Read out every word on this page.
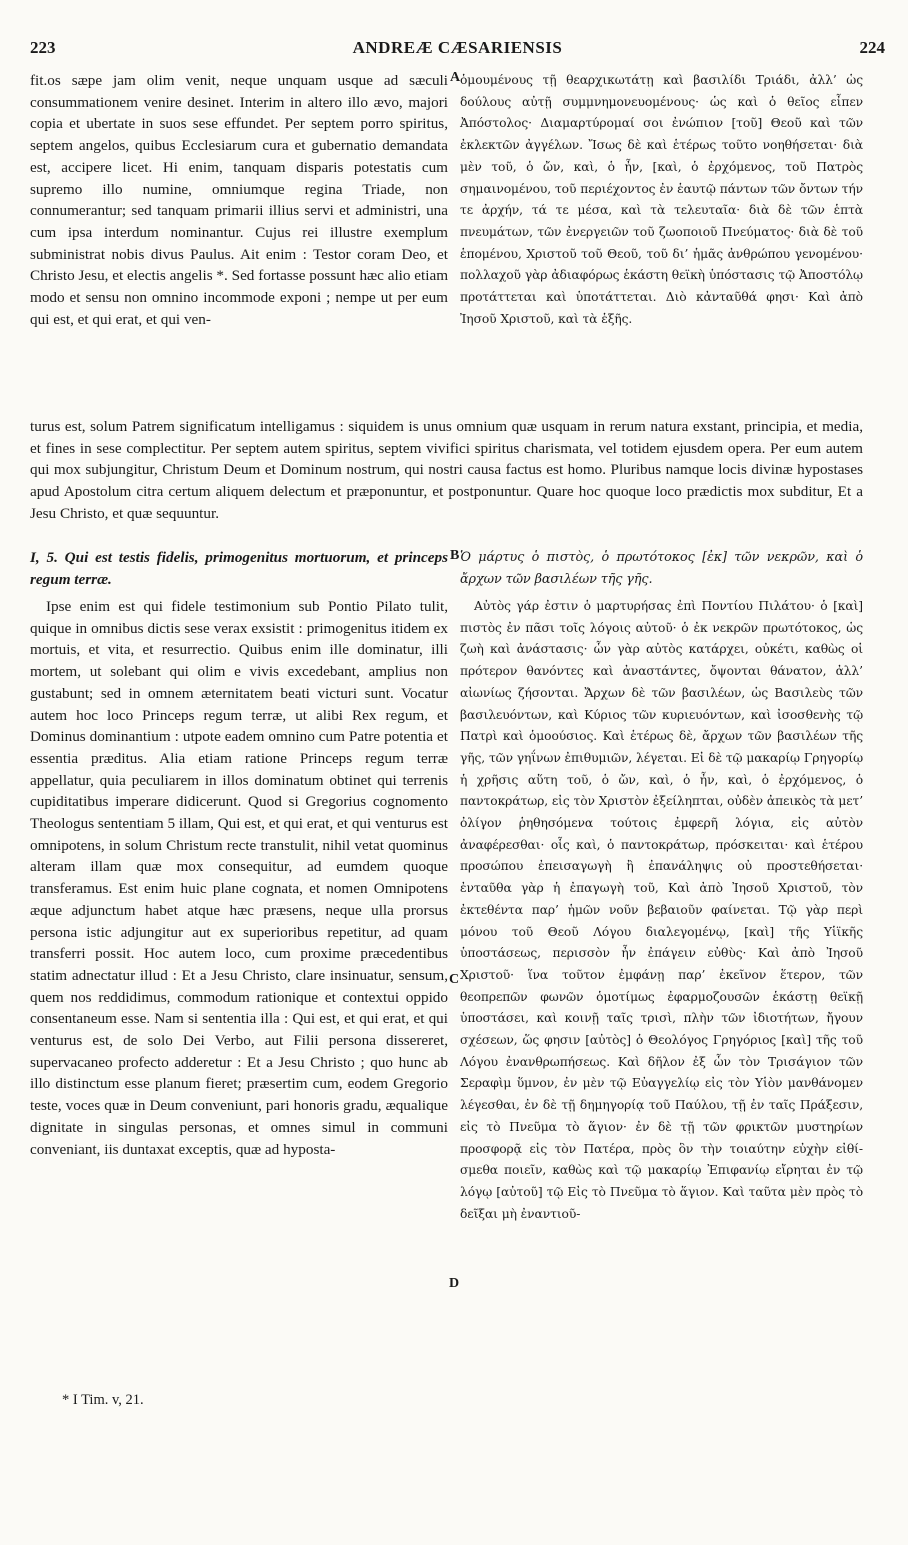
223	ANDREÆ CÆSARIENSIS	224

fit.os sæpe jam olim venit, neque unquam usque ad sæculi consummationem venire desinet. Interim in altero illo ævo, majori copia et ubertate in suos sese effundet. Per septem porro spiritus, septem angelos, quibus Ecclesiarum cura et gubernatio demandata est, accipere licet. Hi enim, tanquam disparis potestatis cum supremo illo numine, omniumque regina Triade, non connumerantur; sed tanquam primarii illius servi et administri, una cum ipsa interdum nominantur. Cujus rei illustre exemplum subministrat nobis divus Paulus. Ait enim : Testor coram Deo, et Christo Jesu, et electis angelis *. Sed fortasse possunt hæc alio etiam modo et sensu non omnino incommode exponi ; nempe ut per eum qui est, et qui erat, et qui ven-

ὁμουμένους τῇ θεαρχικωτάτῃ καὶ βασιλίδι Τριάδι, ἀλλ’ ὡς δούλους αὐτῇ συμμνημονευομένους· ὡς καὶ ὁ θεῖος εἶπεν Ἀπόστολος· Διαμαρτύρομαί σοι ἐνώπιον [τοῦ] Θεοῦ καὶ τῶν ἐκλεκτῶν ἀγγέλων. Ἴσως δὲ καὶ ἑτέρως τοῦτο νοηθήσεται· διὰ μὲν τοῦ, ὁ ὤν, καὶ, ὁ ἦν, [καὶ, ὁ ἐρχόμενος, τοῦ Πατρὸς σημαινομένου, τοῦ περιέχοντος ἐν ἑαυτῷ πάντων τῶν ὄντων τήν τε ἀρχήν, τά τε μέσα, καὶ τὰ τελευταῖα· διὰ δὲ τῶν ἑπτὰ πνευμάτων, τῶν ἐνεργειῶν τοῦ ζωοποιοῦ Πνεύματος· διὰ δὲ τοῦ ἑπομένου, Χριστοῦ τοῦ Θεοῦ, τοῦ δι’ ἡμᾶς ἀνθρώπου γενομένου· πολλαχοῦ γὰρ ἀδιαφόρως ἑκάστη θεϊκὴ ὑπόστασις τῷ Ἀποστόλῳ προτάττεται καὶ ὑποτάττεται. Διὸ κἀνταῦθά φησι· Καὶ ἀπὸ Ἰησοῦ Χριστοῦ, καὶ τὰ ἑξῆς.

turus est, solum Patrem significatum intelligamus : siquidem is unus omnium quæ usquam in rerum natura exstant, principia, et media, et fines in sese complectitur. Per septem autem spiritus, septem vivifici spiritus charismata, vel totidem ejusdem opera. Per eum autem qui mox subjungitur, Christum Deum et Dominum nostrum, qui nostri causa factus est homo. Pluribus namque locis divinæ hypostases apud Apostolum citra certum aliquem delectum et præponuntur, et postponuntur. Quare hoc quoque loco prædictis mox subditur, Et a Jesu Christo, et quæ sequuntur.

I, 5. Qui est testis fidelis, primogenitus mortuorum, et princeps regum terræ.

Ὁ μάρτυς ὁ πιστὸς, ὁ πρωτότοκος [ἐκ] τῶν νεκρῶν, καὶ ὁ ἄρχων τῶν βασιλέων τῆς γῆς.

Ipse enim est qui fidele testimonium sub Pontio Pilato tulit, quique in omnibus dictis sese verax exsistit : primogenitus itidem ex mortuis, et vita, et resurrectio. Quibus enim ille dominatur, illi mortem, ut solebant qui olim e vivis excedebant, amplius non gustabunt; sed in omnem æternitatem beati victuri sunt. Vocatur autem hoc loco Princeps regum terræ, ut alibi Rex regum, et Dominus dominantium : utpote eadem omnino cum Patre potentia et essentia præditus. Alia etiam ratione Princeps regum terræ appellatur, quia peculiarem in illos dominatum obtinet qui terrenis cupiditatibus imperare didicerunt. Quod si Gregorius cognomento Theologus sententiam 5 illam, Qui est, et qui erat, et qui venturus est omnipotens, in solum Christum recte transtulit, nihil vetat quominus alteram illam quæ mox consequitur, ad eumdem quoque transferamus. Est enim huic plane cognata, et nomen Omnipotens æque adjunctum habet atque hæc præsens, neque ulla prorsus persona istic adjungitur aut ex superioribus repetitur, ad quam transferri possit. Hoc autem loco, cum proxime præcedentibus statim adnectatur illud : Et a Jesu Christo, clare insinuatur, sensum, quem nos reddidimus, commodum rationique et contextui oppido consentaneum esse. Nam si sententia illa : Qui est, et qui erat, et qui venturus est, de solo Dei Verbo, aut Filii persona dissereret, supervacaneo profecto adderetur : Et a Jesu Christo ; quo hunc ab illo distinctum esse planum fieret; præsertim cum, eodem Gregorio teste, voces quæ in Deum conveniunt, pari honoris gradu, æqualique dignitate in singulas personas, et omnes simul in communi conveniant, iis duntaxat exceptis, quæ ad hyposta-

Αὐτὸς γάρ ἐστιν ὁ μαρτυρήσας ἐπὶ Ποντίου Πιλάτου· ὁ [καὶ] πιστὸς ἐν πᾶσι τοῖς λόγοις αὐτοῦ· ὁ ἐκ νεκρῶν πρωτότοκος, ὡς ζωὴ καὶ ἀνάστασις· ὧν γὰρ αὐτὸς κατάρχει, οὐκέτι, καθὼς οἱ πρότερον θανόντες καὶ ἀναστάντες, ὄψονται θάνατον, ἀλλ’ αἰωνίως ζήσονται. Ἄρχων δὲ τῶν βασιλέων, ὡς Βασιλεὺς τῶν βασιλευόντων, καὶ Κύριος τῶν κυριευόντων, καὶ ἰσοσθενὴς τῷ Πατρὶ καὶ ὁμοούσιος. Καὶ ἑτέρως δὲ, ἄρχων τῶν βασιλέων τῆς γῆς, τῶν γηΐνων ἐπιθυμιῶν, λέγεται. Εἰ δὲ τῷ μακαρίῳ Γρηγορίῳ ἡ χρῆσις αὕτη τοῦ, ὁ ὤν, καὶ, ὁ ἦν, καὶ, ὁ ἐρχόμενος, ὁ παντοκράτωρ, εἰς τὸν Χριστὸν ἐξείληπται, οὐδὲν ἀπεικὸς τὰ μετ’ ὀλίγον ῥηθησόμενα τούτοις ἐμφερῆ λόγια, εἰς αὐτὸν ἀναφέρεσθαι· οἷς καὶ, ὁ παντοκράτωρ, πρόσκειται· καὶ ἑτέρου προσώπου ἐπεισαγωγὴ ἢ ἐπανάληψις οὐ προστεθήσεται· ἐνταῦθα γὰρ ἡ ἐπαγωγὴ τοῦ, Καὶ ἀπὸ Ἰησοῦ Χριστοῦ, τὸν ἐκτεθέντα παρ’ ἡμῶν νοῦν βεβαιοῦν φαίνεται. Τῷ γὰρ περὶ μόνου τοῦ Θεοῦ Λόγου διαλεγομένῳ, [καὶ] τῆς Υἱϊκῆς ὑποστάσεως, περισσὸν ἦν ἐπάγειν εὐθὺς· Καὶ ἀπὸ Ἰησοῦ Χριστοῦ· ἵνα τοῦτον ἐμφάνῃ παρ’ ἐκεῖνον ἕτερον, τῶν θεοπρεπῶν φωνῶν ὁμοτίμως ἐφαρμοζουσῶν ἑκάστῃ θεϊκῇ ὑποστάσει, καὶ κοινῇ ταῖς τρισὶ, πλὴν τῶν ἰδιοτήτων, ἤγουν σχέσεων, ὥς φησιν [αὐτὸς] ὁ Θεολόγος Γρηγόριος [καὶ] τῆς τοῦ Λόγου ἐνανθρωπήσεως. Καὶ δῆλον ἐξ ὧν τὸν Τρισάγιον τῶν Σεραφὶμ ὕμνον, ἐν μὲν τῷ Εὐαγγελίῳ εἰς τὸν Υἱὸν μανθάνομεν λέγεσθαι, ἐν δὲ τῇ δημηγορίᾳ τοῦ Παύλου, τῇ ἐν ταῖς Πράξεσιν, εἰς τὸ Πνεῦμα τὸ ἅγιον· ἐν δὲ τῇ τῶν φρικτῶν μυστηρίων προσφορᾷ εἰς τὸν Πατέρα, πρὸς ὃν τὴν τοιαύτην εὐχὴν εἰθίσμεθα ποιεῖν, καθὼς καὶ τῷ μακαρίῳ Ἐπιφανίῳ εἴρηται ἐν τῷ λόγῳ [αὐτοῦ] τῷ Εἰς τὸ Πνεῦμα τὸ ἅγιον. Καὶ ταῦτα μὲν πρὸς τὸ δεῖξαι μὴ ἐναντιοῦ-

A
B
C
D
* I Tim. v, 21.
